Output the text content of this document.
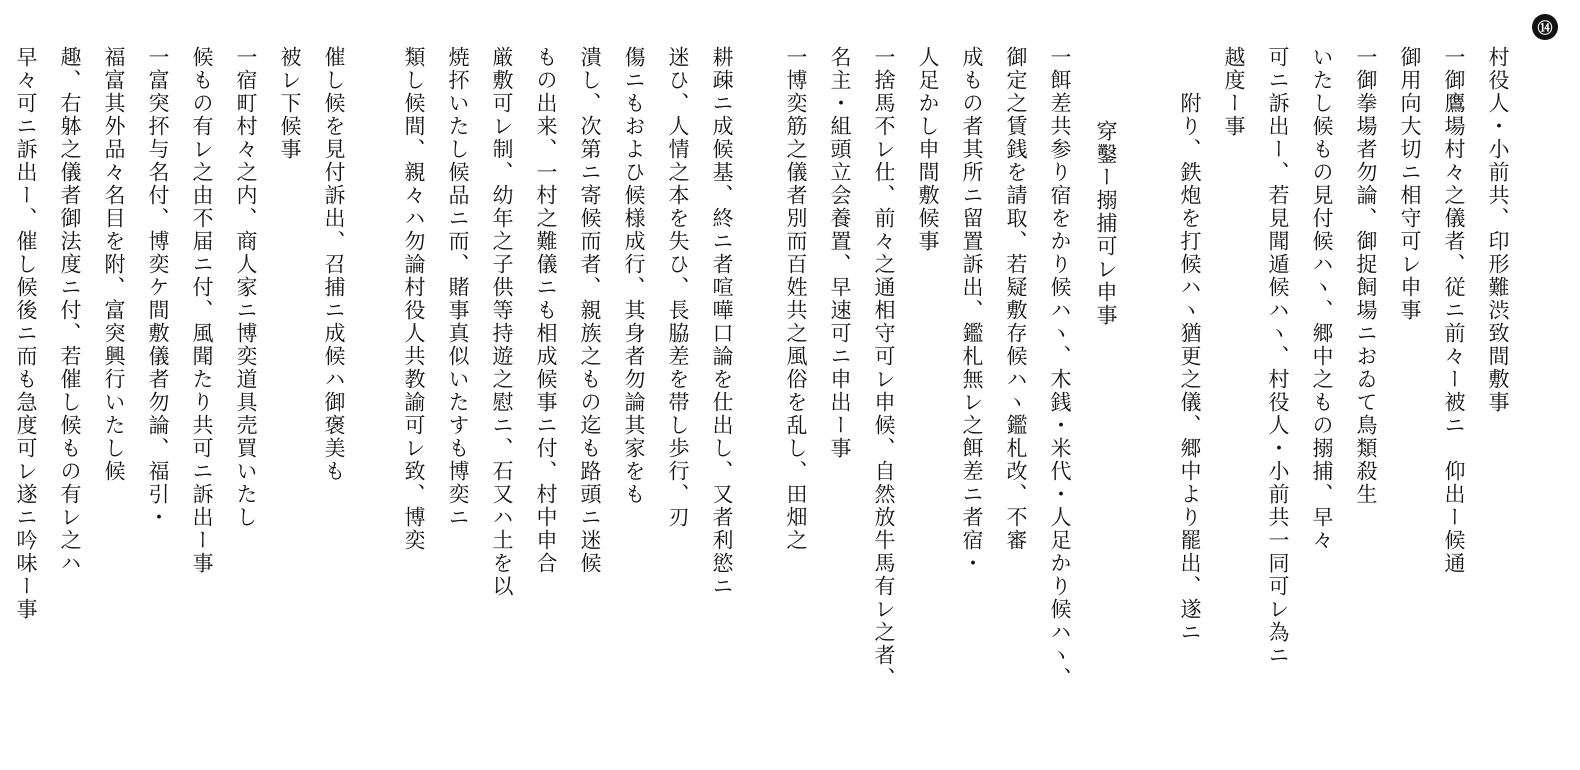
⑭
村役人・小前共、印形難渋致間敷事
一御鷹場村々之儀者、従ニ前々ー被ニ　仰出ー候通
御用向大切ニ相守可レ申事
一御拳場者勿論、御捉飼場ニおゐて鳥類殺生
いたし候もの見付候ハヽ、郷中之もの搦捕、早々
可ニ訴出ー、若見聞遁候ハヽ、村役人・小前共一同可レ為ニ
越度ー事
附り、鉄炮を打候ハヽ猶更之儀、郷中より罷出、遂ニ
穿鑿ー搦捕可レ申事
一餌差共参り宿をかり候ハヽ、木銭・米代・人足かり候ハヽ、
御定之賃銭を請取、若疑敷存候ハヽ鑑札改、不審
成もの者其所ニ留置訴出、鑑札無レ之餌差ニ者宿・
人足かし申間敷候事
一捨馬不レ仕、前々之通相守可レ申候、自然放牛馬有レ之者、
名主・組頭立会養置、早速可ニ申出ー事
一博奕筋之儀者別而百姓共之風俗を乱し、田畑之
耕疎ニ成候基、終ニ者喧嘩口論を仕出し、又者利慾ニ
迷ひ、人情之本を失ひ、長脇差を帯し歩行、刃
傷ニもおよひ候様成行、其身者勿論其家をも
潰し、次第ニ寄候而者、親族之もの迄も路頭ニ迷候
もの出来、一村之難儀ニも相成候事ニ付、村中申合
厳敷可レ制、幼年之子供等持遊之慰ニ、石又ハ土を以
焼抔いたし候品ニ而、賭事真似いたすも博奕ニ
類し候間、親々ハ勿論村役人共教諭可レ致、博奕
催し候を見付訴出、召捕ニ成候ハ御褒美も
被レ下候事
一宿町村々之内、商人家ニ博奕道具売買いたし
候もの有レ之由不届ニ付、風聞たり共可ニ訴出ー事
一富突抔与名付、博奕ケ間敷儀者勿論、福引・
福富其外品々名目を附、富突興行いたし候
趣、右躰之儀者御法度ニ付、若催し候もの有レ之ハ
早々可ニ訴出ー、催し候後ニ而も急度可レ遂ニ吟味ー事
